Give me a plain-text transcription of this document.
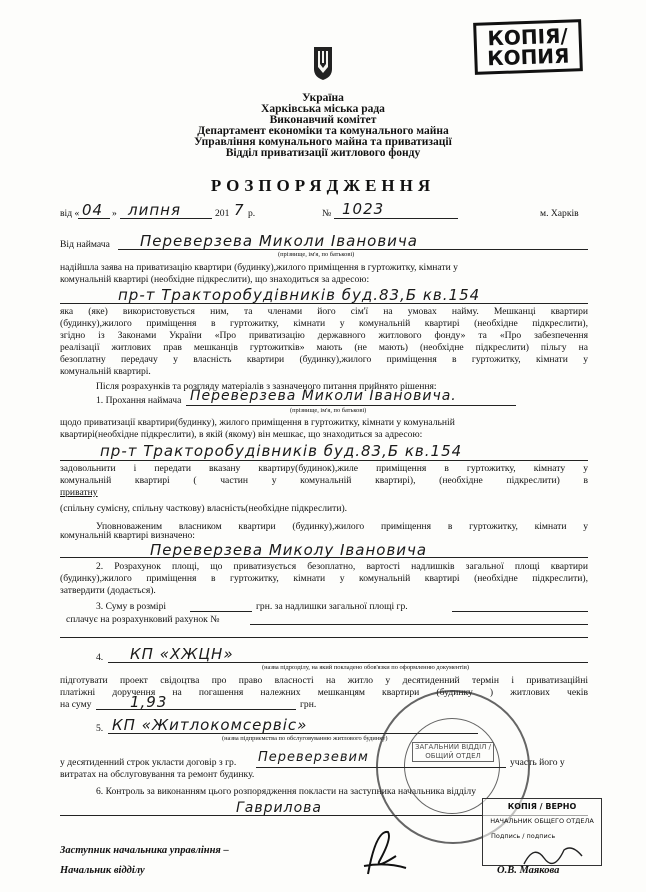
КОПІЯ/
КОПИЯ
Україна
Харківська міська рада
Виконавчий комітет
Департамент економіки та комунального майна
Управління комунального майна та приватизації
Відділ приватизації житлового фонду
РОЗПОРЯДЖЕННЯ
від « 04 » липня	201 7 р.	№ 1023	м. Харків
Від наймача Переверзева Миколи Івановича
(прізвище, ім'я, по батькові)
надійшла заява на приватизацію квартири (будинку),жилого приміщення в гуртожитку, кімнати у
комунальній квартирі (необхідне підкреслити), що знаходиться за адресою:
пр-т Тракторобудівників буд.83,Б кв.154
яка (яке) використовується ним, та членами його сім'ї на умовах найму. Мешканці квартири
(будинку),жилого приміщення в гуртожитку, кімнати у комунальній квартирі (необхідне підкреслити),
згідно із Законами України «Про приватизацію державного житлового фонду» та «Про забезпечення
реалізації житлових прав мешканців гуртожитків» мають (не мають) (необхідне підкреслити) пільгу на
безоплатну передачу у власність квартири (будинку),жилого приміщення в гуртожитку, кімнати у
комунальній квартирі.
Після розрахунків та розгляду матеріалів з зазначеного питання прийнято рішення:
1. Прохання наймача Переверзева Миколи Івановича.
(прізвище, ім'я, по батькові)
щодо приватизації квартири(будинку), жилого приміщення в гуртожитку, кімнати у комунальній
квартирі(необхідне підкреслити), в якій (якому) він мешкає, що знаходиться за адресою:
пр-т Тракторобудівників буд.83,Б кв.154
задовольнити і передати вказану квартиру(будинок),жиле приміщення в гуртожитку, кімнату у
комунальній квартирі ( частин у комунальній квартирі), (необхідне підкреслити) в
приватну
(спільну сумісну, спільну часткову) власність(необхідне підкреслити).
Уповноваженим власником квартири (будинку),жилого приміщення в гуртожитку, кімнати у
комунальній квартирі визначено:
Переверзева Миколу Івановича
2. Розрахунок площі, що приватизується безоплатно, вартості надлишків загальної площі квартири
(будинку),жилого приміщення в гуртожитку, кімнати у комунальній квартирі (необхідне підкреслити),
затвердити (додається).
3. Суму в розмірі	грн. за надлишки загальної площі гр.
сплачує на розрахунковий рахунок №
4. КП «ХЖЦН»
(назва підрозділу, на який покладено обов'язки по оформленню документів)
підготувати проект свідоцтва про право власності на житло у десятиденний термін і приватизаційні
платіжні доручення на погашення належних мешканцям квартири (будинку ) житлових чеків
на суму	1,93	грн.
5. КП «Житлокомсервіс»
(назва підприємства по обслуговуванню житлового будинку)
у десятиденний строк укласти договір з гр. Переверзевим	участь його у
витратах на обслуговування та ремонт будинку.
6. Контроль за виконанням цього розпорядження покласти на заступника начальника відділу
Гаврилова
ЗАГАЛЬНИЙ ВІДДІЛ / ОБЩИЙ ОТДЕЛ
КОПІЯ / ВЕРНО
НАЧАЛЬНИК ОБЩЕГО ОТДЕЛА
Подпись / подпись
Заступник начальника управління –
Начальник відділу	О.В. Маякова
